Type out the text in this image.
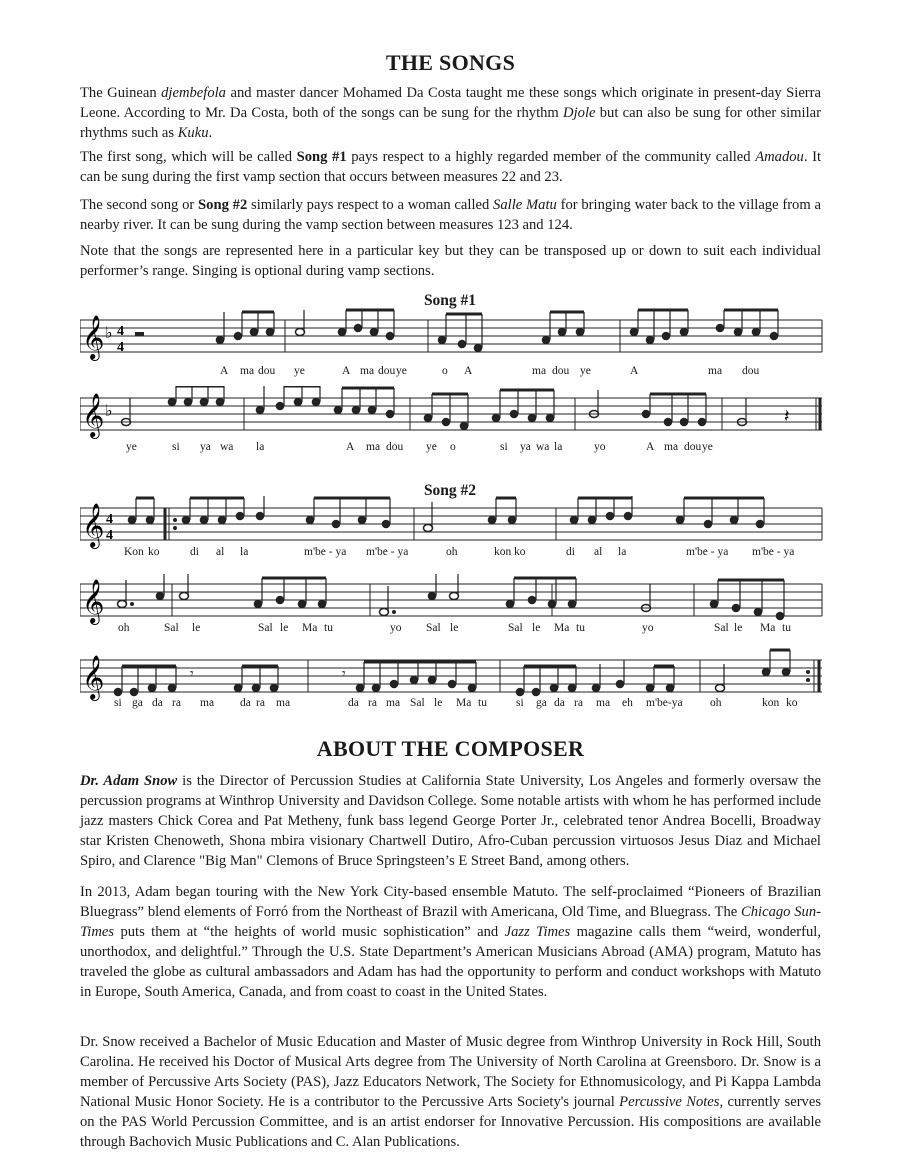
THE SONGS

The Guinean djembefola and master dancer Mohamed Da Costa taught me these songs which originate in present-day Sierra Leone. According to Mr. Da Costa, both of the songs can be sung for the rhythm Djole but can also be sung for other similar rhythms such as Kuku.

The first song, which will be called Song #1 pays respect to a highly regarded member of the community called Amadou. It can be sung during the first vamp section that occurs between measures 22 and 23.

The second song or Song #2 similarly pays respect to a woman called Salle Matu for bringing water back to the village from a nearby river. It can be sung during the vamp section between measures 123 and 124.

Note that the songs are represented here in a particular key but they can be transposed up or down to suit each individual performer’s range. Singing is optional during vamp sections.

Song #1
𝄞 ♭ 4
4
A ma dou ye	A ma dou ye	o A	ma dou ye	A	ma dou
𝄞 ♭	𝄽
ye	si ya wa la	A ma dou ye o	si ya wa la	yo	A ma dou ye
Song #2
𝄞 4
4
Kon ko	di al la	m'be - ya m'be - ya	oh	kon ko	di al la	m'be - ya m'be - ya
𝄞
oh	Sal le	Sal le Ma tu	yo Sal le	Sal le Ma tu	yo	Sal le Ma tu
𝄞	𝄾	𝄾
si ga da ra ma da ra ma	da ra ma Sal le Ma tu	si ga da ra ma eh m'be-ya oh	kon ko
ABOUT THE COMPOSER

Dr. Adam Snow is the Director of Percussion Studies at California State University, Los Angeles and formerly oversaw the percussion programs at Winthrop University and Davidson College. Some notable artists with whom he has performed include jazz masters Chick Corea and Pat Metheny, funk bass legend George Porter Jr., celebrated tenor Andrea Bocelli, Broadway star Kristen Chenoweth, Shona mbira visionary Chartwell Dutiro, Afro-Cuban percussion virtuosos Jesus Diaz and Michael Spiro, and Clarence "Big Man" Clemons of Bruce Springsteen’s E Street Band, among others.

In 2013, Adam began touring with the New York City-based ensemble Matuto. The self-proclaimed “Pioneers of Brazilian Bluegrass” blend elements of Forró from the Northeast of Brazil with Americana, Old Time, and Bluegrass. The Chicago Sun-Times puts them at “the heights of world music sophistication” and Jazz Times magazine calls them “weird, wonderful, unorthodox, and delightful.” Through the U.S. State Department’s American Musicians Abroad (AMA) program, Matuto has traveled the globe as cultural ambassadors and Adam has had the opportunity to perform and conduct workshops with Matuto in Europe, South America, Canada, and from coast to coast in the United States.

Dr. Snow received a Bachelor of Music Education and Master of Music degree from Winthrop University in Rock Hill, South Carolina. He received his Doctor of Musical Arts degree from The University of North Carolina at Greensboro. Dr. Snow is a member of Percussive Arts Society (PAS), Jazz Educators Network, The Society for Ethnomusicology, and Pi Kappa Lambda National Music Honor Society. He is a contributor to the Percussive Arts Society's journal Percussive Notes, currently serves on the PAS World Percussion Committee, and is an artist endorser for Innovative Percussion. His compositions are available through Bachovich Music Publications and C. Alan Publications.
